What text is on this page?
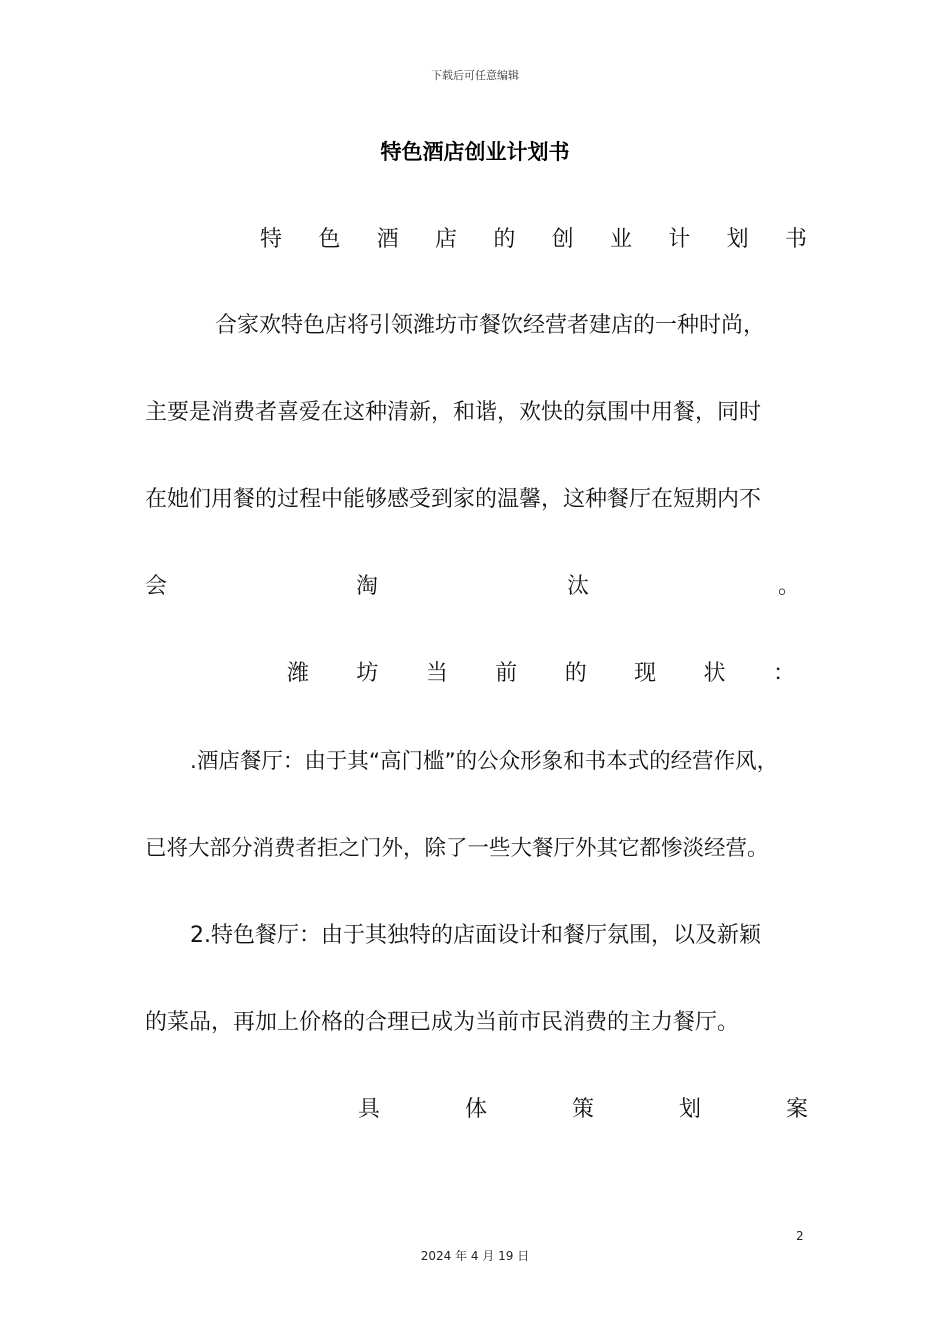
下载后可任意编辑
特色酒店创业计划书
特 色 酒 店 的 创 业 计 划 书
合家欢特色店将引领潍坊市餐饮经营者建店的一种时尚，
主要是消费者喜爱在这种清新，和谐，欢快的氛围中用餐，同时
在她们用餐的过程中能够感受到家的温馨，这种餐厅在短期内不
会	淘	汰	。
潍 坊 当 前 的 现 状 ：
.酒店餐厅：由于其“高门槛”的公众形象和书本式的经营作风，
已将大部分消费者拒之门外，除了一些大餐厅外其它都惨淡经营。
2.特色餐厅：由于其独特的店面设计和餐厅氛围，以及新颖
的菜品，再加上价格的合理已成为当前市民消费的主力餐厅。
具	体	策	划	案
2
2024 年 4 月 19 日
